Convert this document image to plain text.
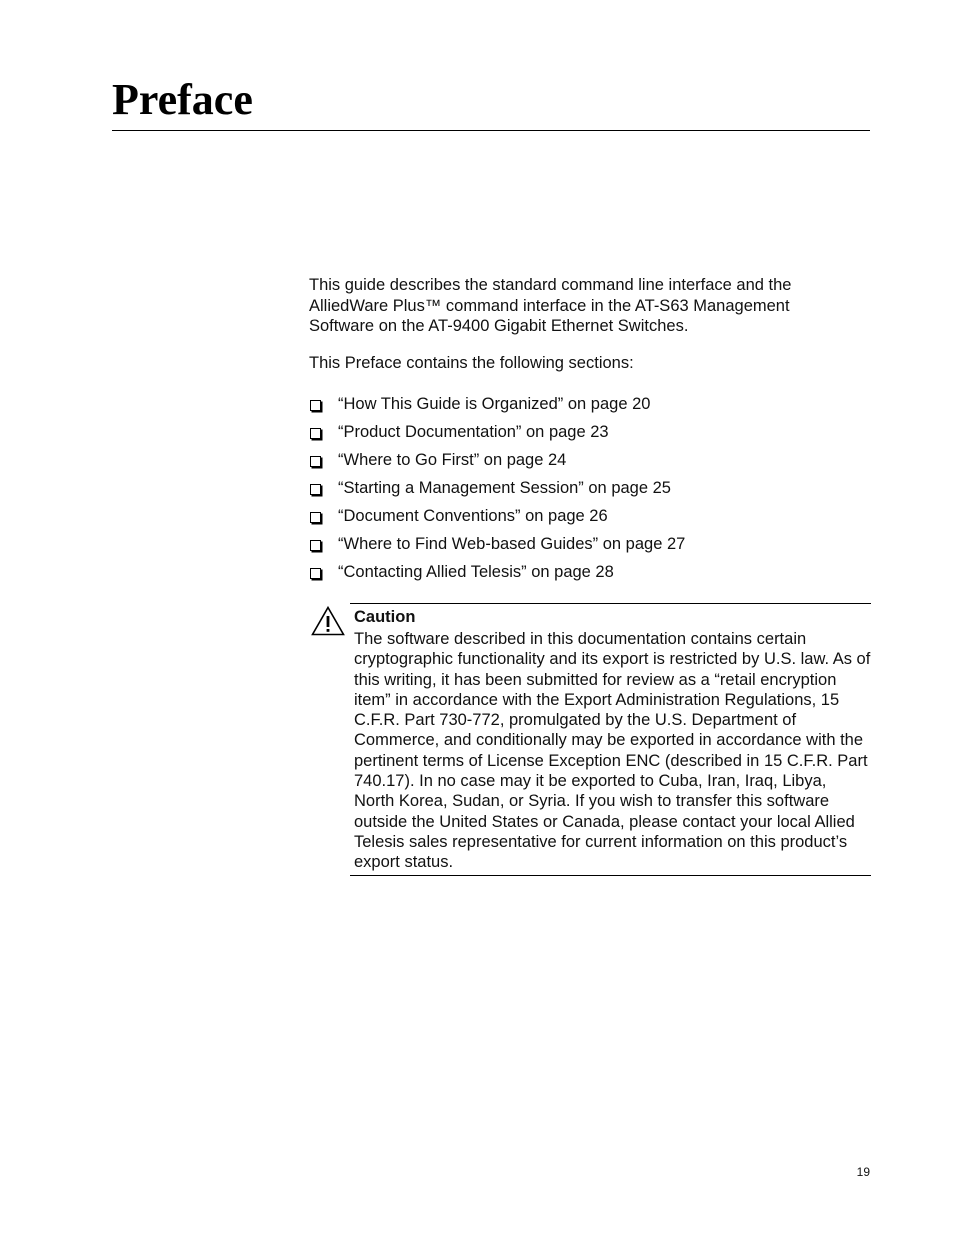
Preface

This guide describes the standard command line interface and the AlliedWare Plus™ command interface in the AT-S63 Management Software on the AT-9400 Gigabit Ethernet Switches.

This Preface contains the following sections:

“How This Guide is Organized” on page 20
“Product Documentation” on page 23
“Where to Go First” on page 24
“Starting a Management Session” on page 25
“Document Conventions” on page 26
“Where to Find Web-based Guides” on page 27
“Contacting Allied Telesis” on page 28

Caution

The software described in this documentation contains certain cryptographic functionality and its export is restricted by U.S. law. As of this writing, it has been submitted for review as a “retail encryption item” in accordance with the Export Administration Regulations, 15 C.F.R. Part 730-772, promulgated by the U.S. Department of Commerce, and conditionally may be exported in accordance with the pertinent terms of License Exception ENC (described in 15 C.F.R. Part 740.17). In no case may it be exported to Cuba, Iran, Iraq, Libya, North Korea, Sudan, or Syria. If you wish to transfer this software outside the United States or Canada, please contact your local Allied Telesis sales representative for current information on this product’s export status.

19
